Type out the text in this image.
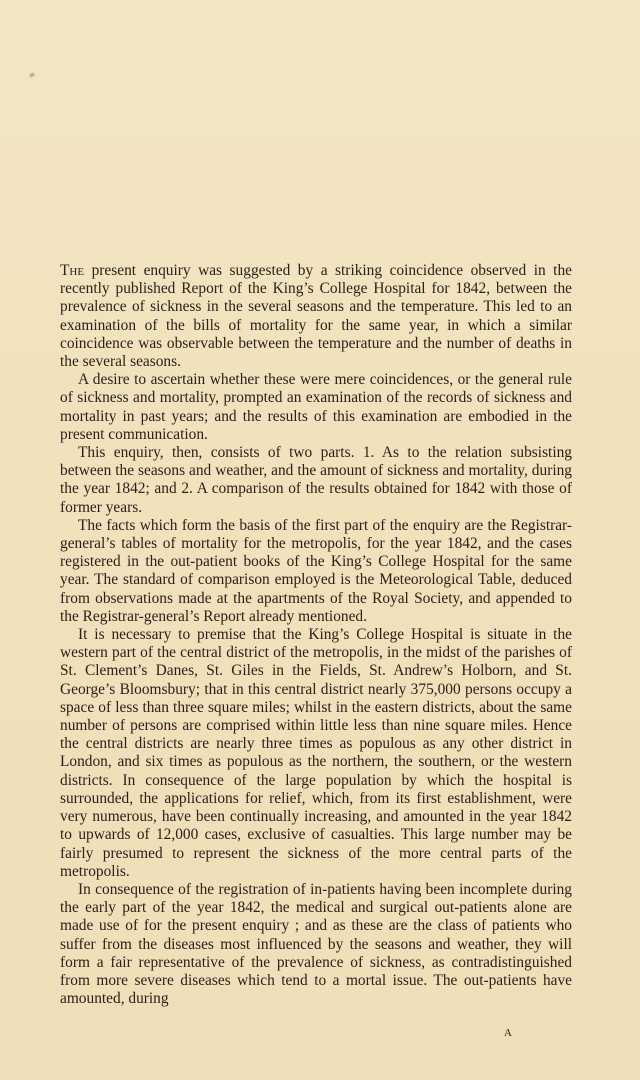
The present enquiry was suggested by a striking coincidence observed in the recently published Report of the King’s College Hospital for 1842, between the prevalence of sickness in the several seasons and the temperature. This led to an examination of the bills of mortality for the same year, in which a similar coincidence was observable between the temperature and the number of deaths in the several seasons.

A desire to ascertain whether these were mere coincidences, or the general rule of sickness and mortality, prompted an examination of the records of sickness and mortality in past years; and the results of this examination are embodied in the present communication.

This enquiry, then, consists of two parts. 1. As to the relation subsisting between the seasons and weather, and the amount of sickness and mortality, during the year 1842; and 2. A comparison of the results obtained for 1842 with those of former years.

The facts which form the basis of the first part of the enquiry are the Registrar-general’s tables of mortality for the metropolis, for the year 1842, and the cases registered in the out-patient books of the King’s College Hospital for the same year. The standard of comparison employed is the Meteorological Table, deduced from observations made at the apartments of the Royal Society, and appended to the Registrar-general’s Report already mentioned.

It is necessary to premise that the King’s College Hospital is situate in the western part of the central district of the metropolis, in the midst of the parishes of St. Clement’s Danes, St. Giles in the Fields, St. Andrew’s Holborn, and St. George’s Bloomsbury; that in this central district nearly 375,000 persons occupy a space of less than three square miles; whilst in the eastern districts, about the same number of persons are comprised within little less than nine square miles. Hence the central districts are nearly three times as populous as any other district in London, and six times as populous as the northern, the southern, or the western districts. In consequence of the large population by which the hospital is surrounded, the applications for relief, which, from its first establishment, were very numerous, have been continually increasing, and amounted in the year 1842 to upwards of 12,000 cases, exclusive of casualties. This large number may be fairly presumed to represent the sickness of the more central parts of the metropolis.

In consequence of the registration of in-patients having been incomplete during the early part of the year 1842, the medical and surgical out-patients alone are made use of for the present enquiry ; and as these are the class of patients who suffer from the diseases most influenced by the seasons and weather, they will form a fair representative of the prevalence of sickness, as contradistinguished from more severe diseases which tend to a mortal issue. The out-patients have amounted, during

A
